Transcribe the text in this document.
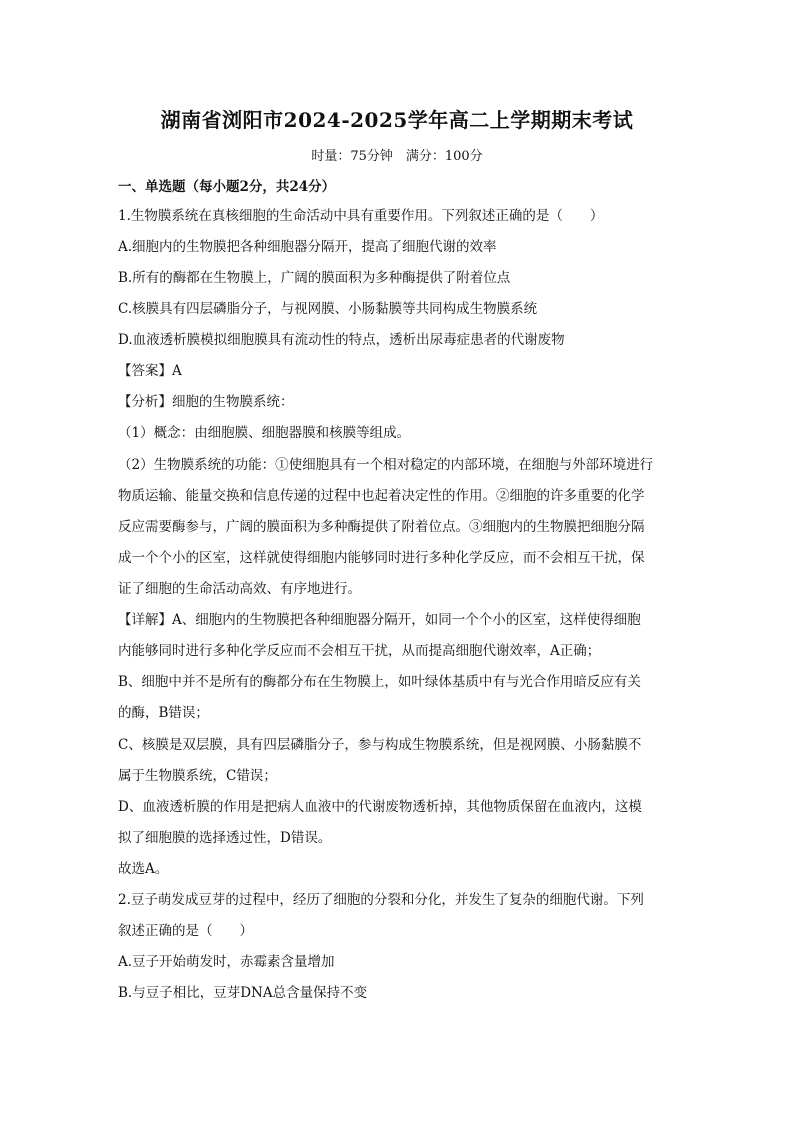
湖南省浏阳市2024-2025学年高二上学期期末考试
时量：75分钟　满分：100分
一、单选题（每小题2分，共24分）
1.生物膜系统在真核细胞的生命活动中具有重要作用。下列叙述正确的是（　　）
A.细胞内的生物膜把各种细胞器分隔开，提高了细胞代谢的效率
B.所有的酶都在生物膜上，广阔的膜面积为多种酶提供了附着位点
C.核膜具有四层磷脂分子，与视网膜、小肠黏膜等共同构成生物膜系统
D.血液透析膜模拟细胞膜具有流动性的特点，透析出尿毒症患者的代谢废物
【答案】A
【分析】细胞的生物膜系统：
（1）概念：由细胞膜、细胞器膜和核膜等组成。
（2）生物膜系统的功能：①使细胞具有一个相对稳定的内部环境，在细胞与外部环境进行
物质运输、能量交换和信息传递的过程中也起着决定性的作用。②细胞的许多重要的化学
反应需要酶参与，广阔的膜面积为多种酶提供了附着位点。③细胞内的生物膜把细胞分隔
成一个个小的区室，这样就使得细胞内能够同时进行多种化学反应，而不会相互干扰，保
证了细胞的生命活动高效、有序地进行。
【详解】A、细胞内的生物膜把各种细胞器分隔开，如同一个个小的区室，这样使得细胞
内能够同时进行多种化学反应而不会相互干扰，从而提高细胞代谢效率，A正确；
B、细胞中并不是所有的酶都分布在生物膜上，如叶绿体基质中有与光合作用暗反应有关
的酶，B错误；
C、核膜是双层膜，具有四层磷脂分子，参与构成生物膜系统，但是视网膜、小肠黏膜不
属于生物膜系统，C错误；
D、血液透析膜的作用是把病人血液中的代谢废物透析掉，其他物质保留在血液内，这模
拟了细胞膜的选择透过性，D错误。
故选A。
2.豆子萌发成豆芽的过程中，经历了细胞的分裂和分化，并发生了复杂的细胞代谢。下列
叙述正确的是（　　）
A.豆子开始萌发时，赤霉素含量增加
B.与豆子相比，豆芽DNA总含量保持不变
